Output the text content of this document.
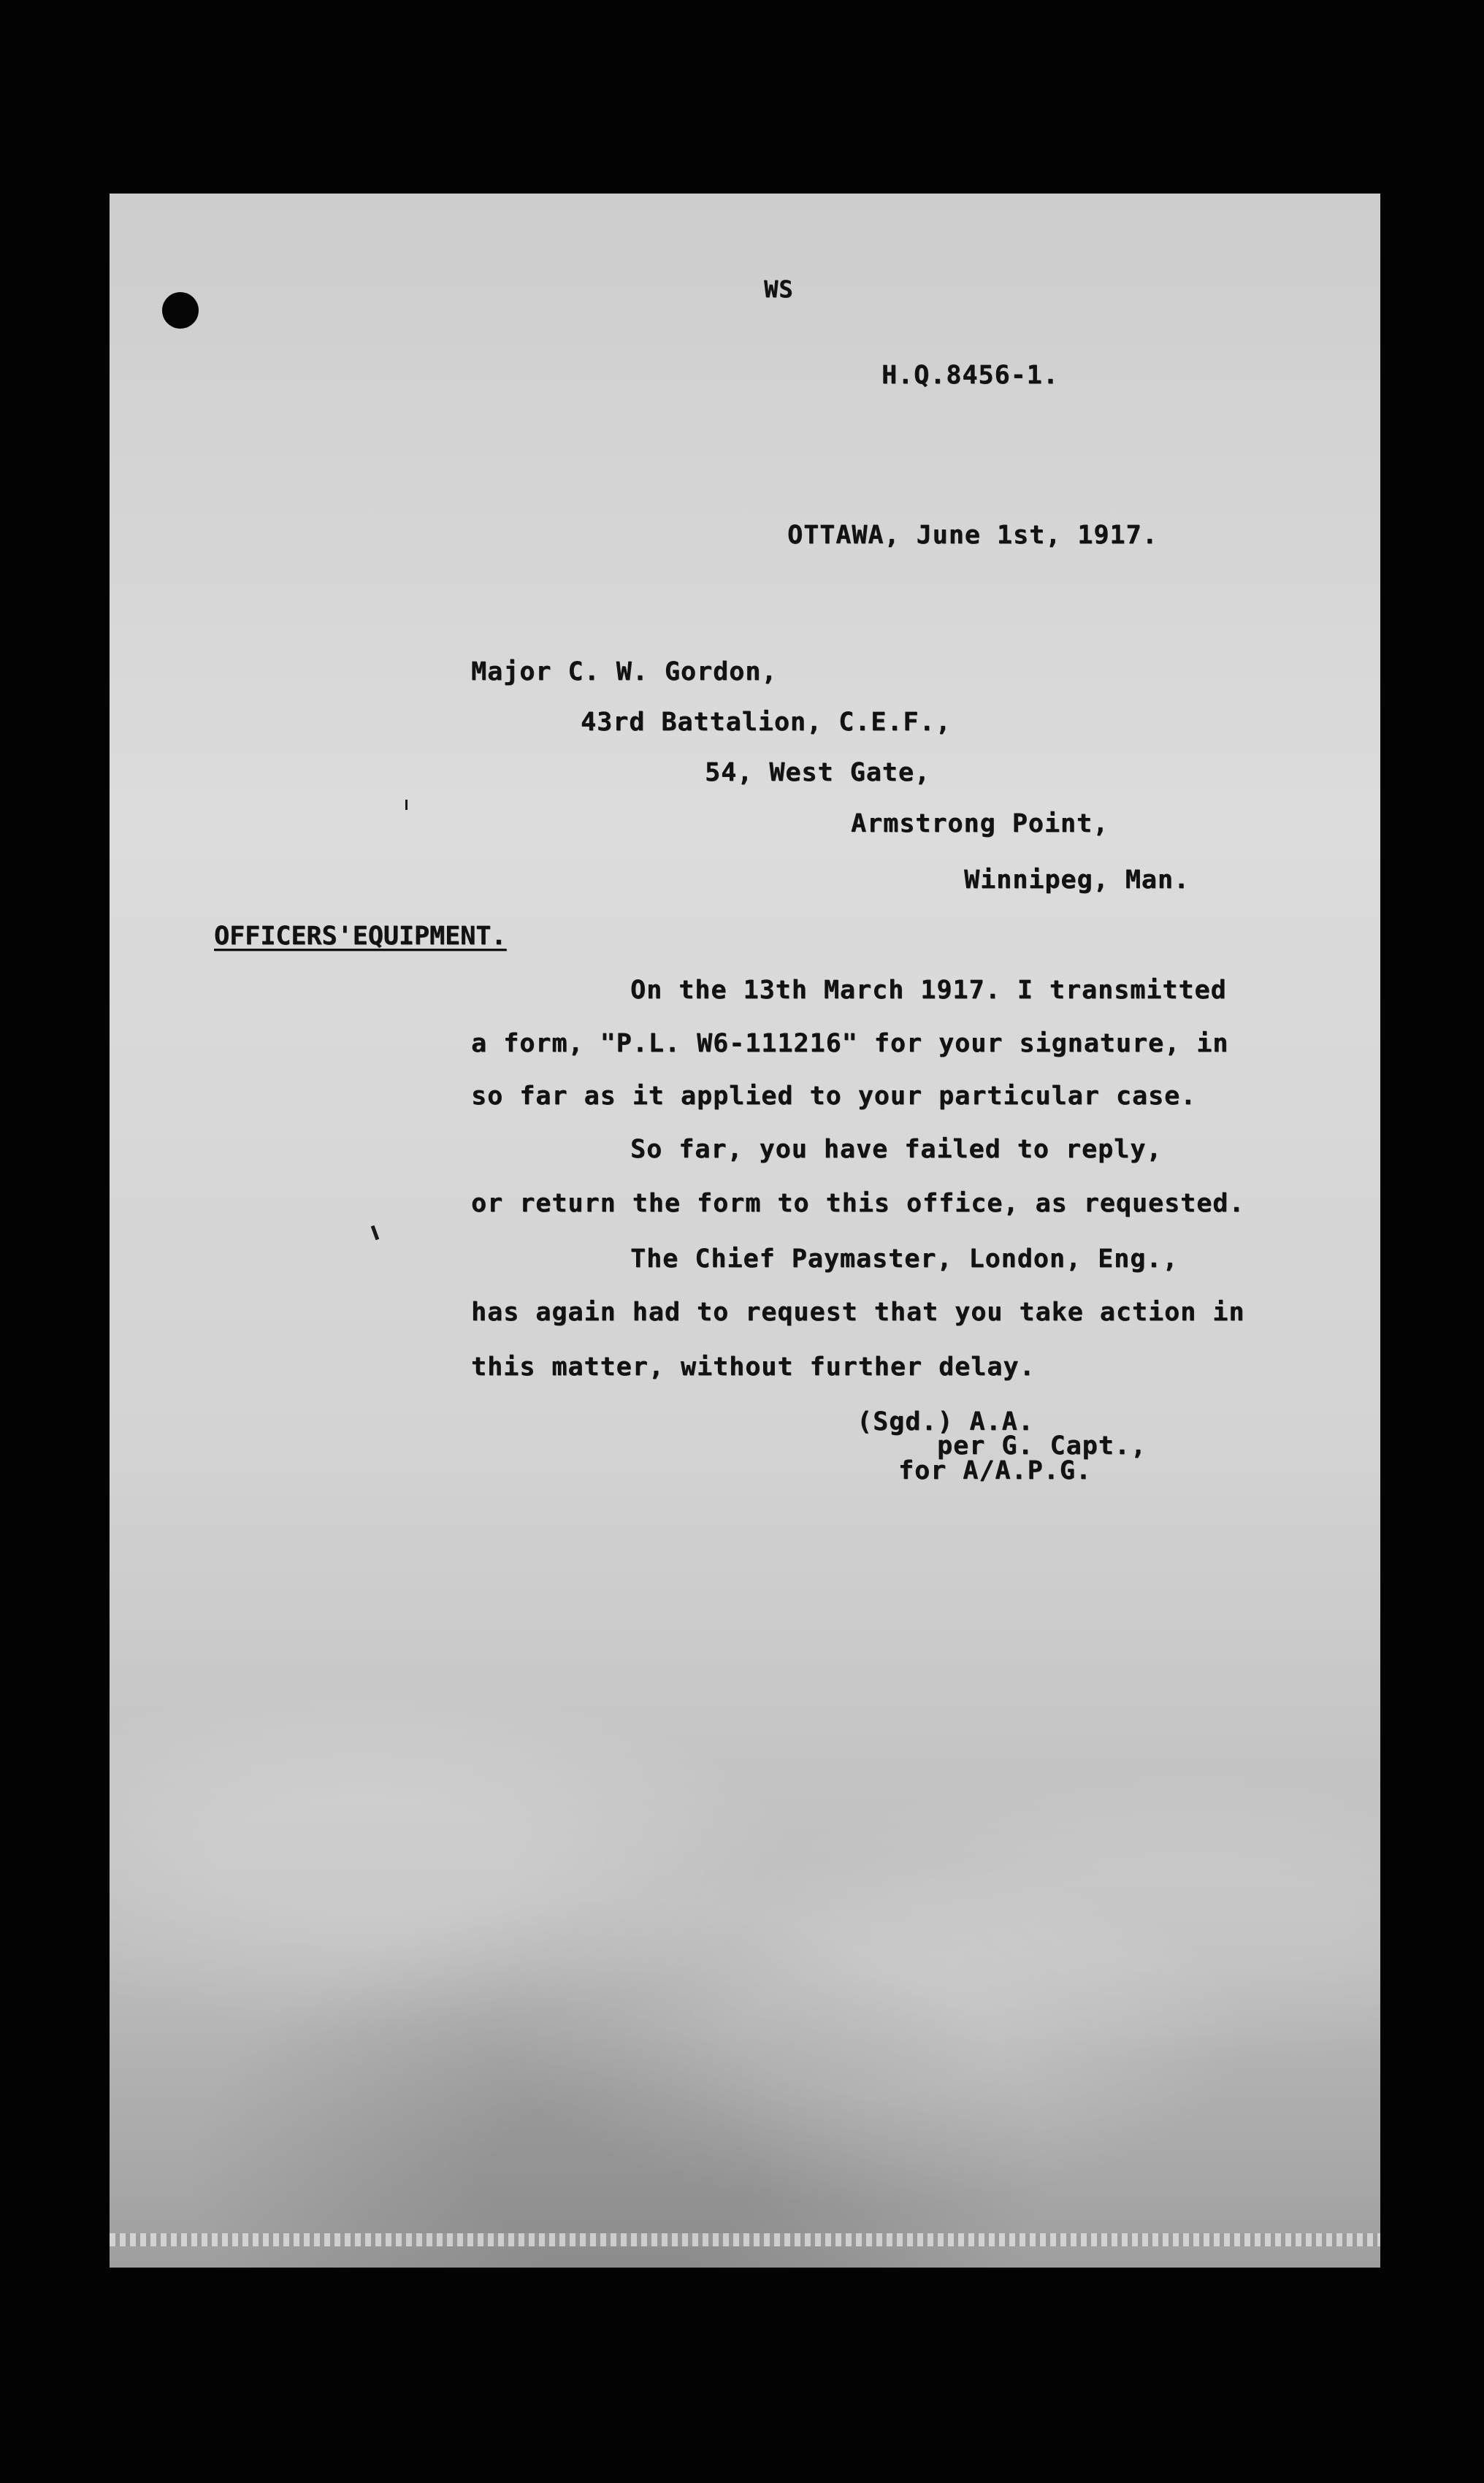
WS
H.Q.8456-1.
OTTAWA, June 1st, 1917.
Major C. W. Gordon,
43rd Battalion, C.E.F.,
54, West Gate,
Armstrong Point,
Winnipeg, Man.
OFFICERS'EQUIPMENT.
On the 13th March 1917. I transmitted
a form, "P.L. W6-111216" for your signature, in
so far as it applied to your particular case.
So far, you have failed to reply,
or return the form to this office, as requested.
The Chief Paymaster, London, Eng.,
has again had to request that you take action in
this matter, without further delay.
(Sgd.) A.A.
per G. Capt.,
for A/A.P.G.
